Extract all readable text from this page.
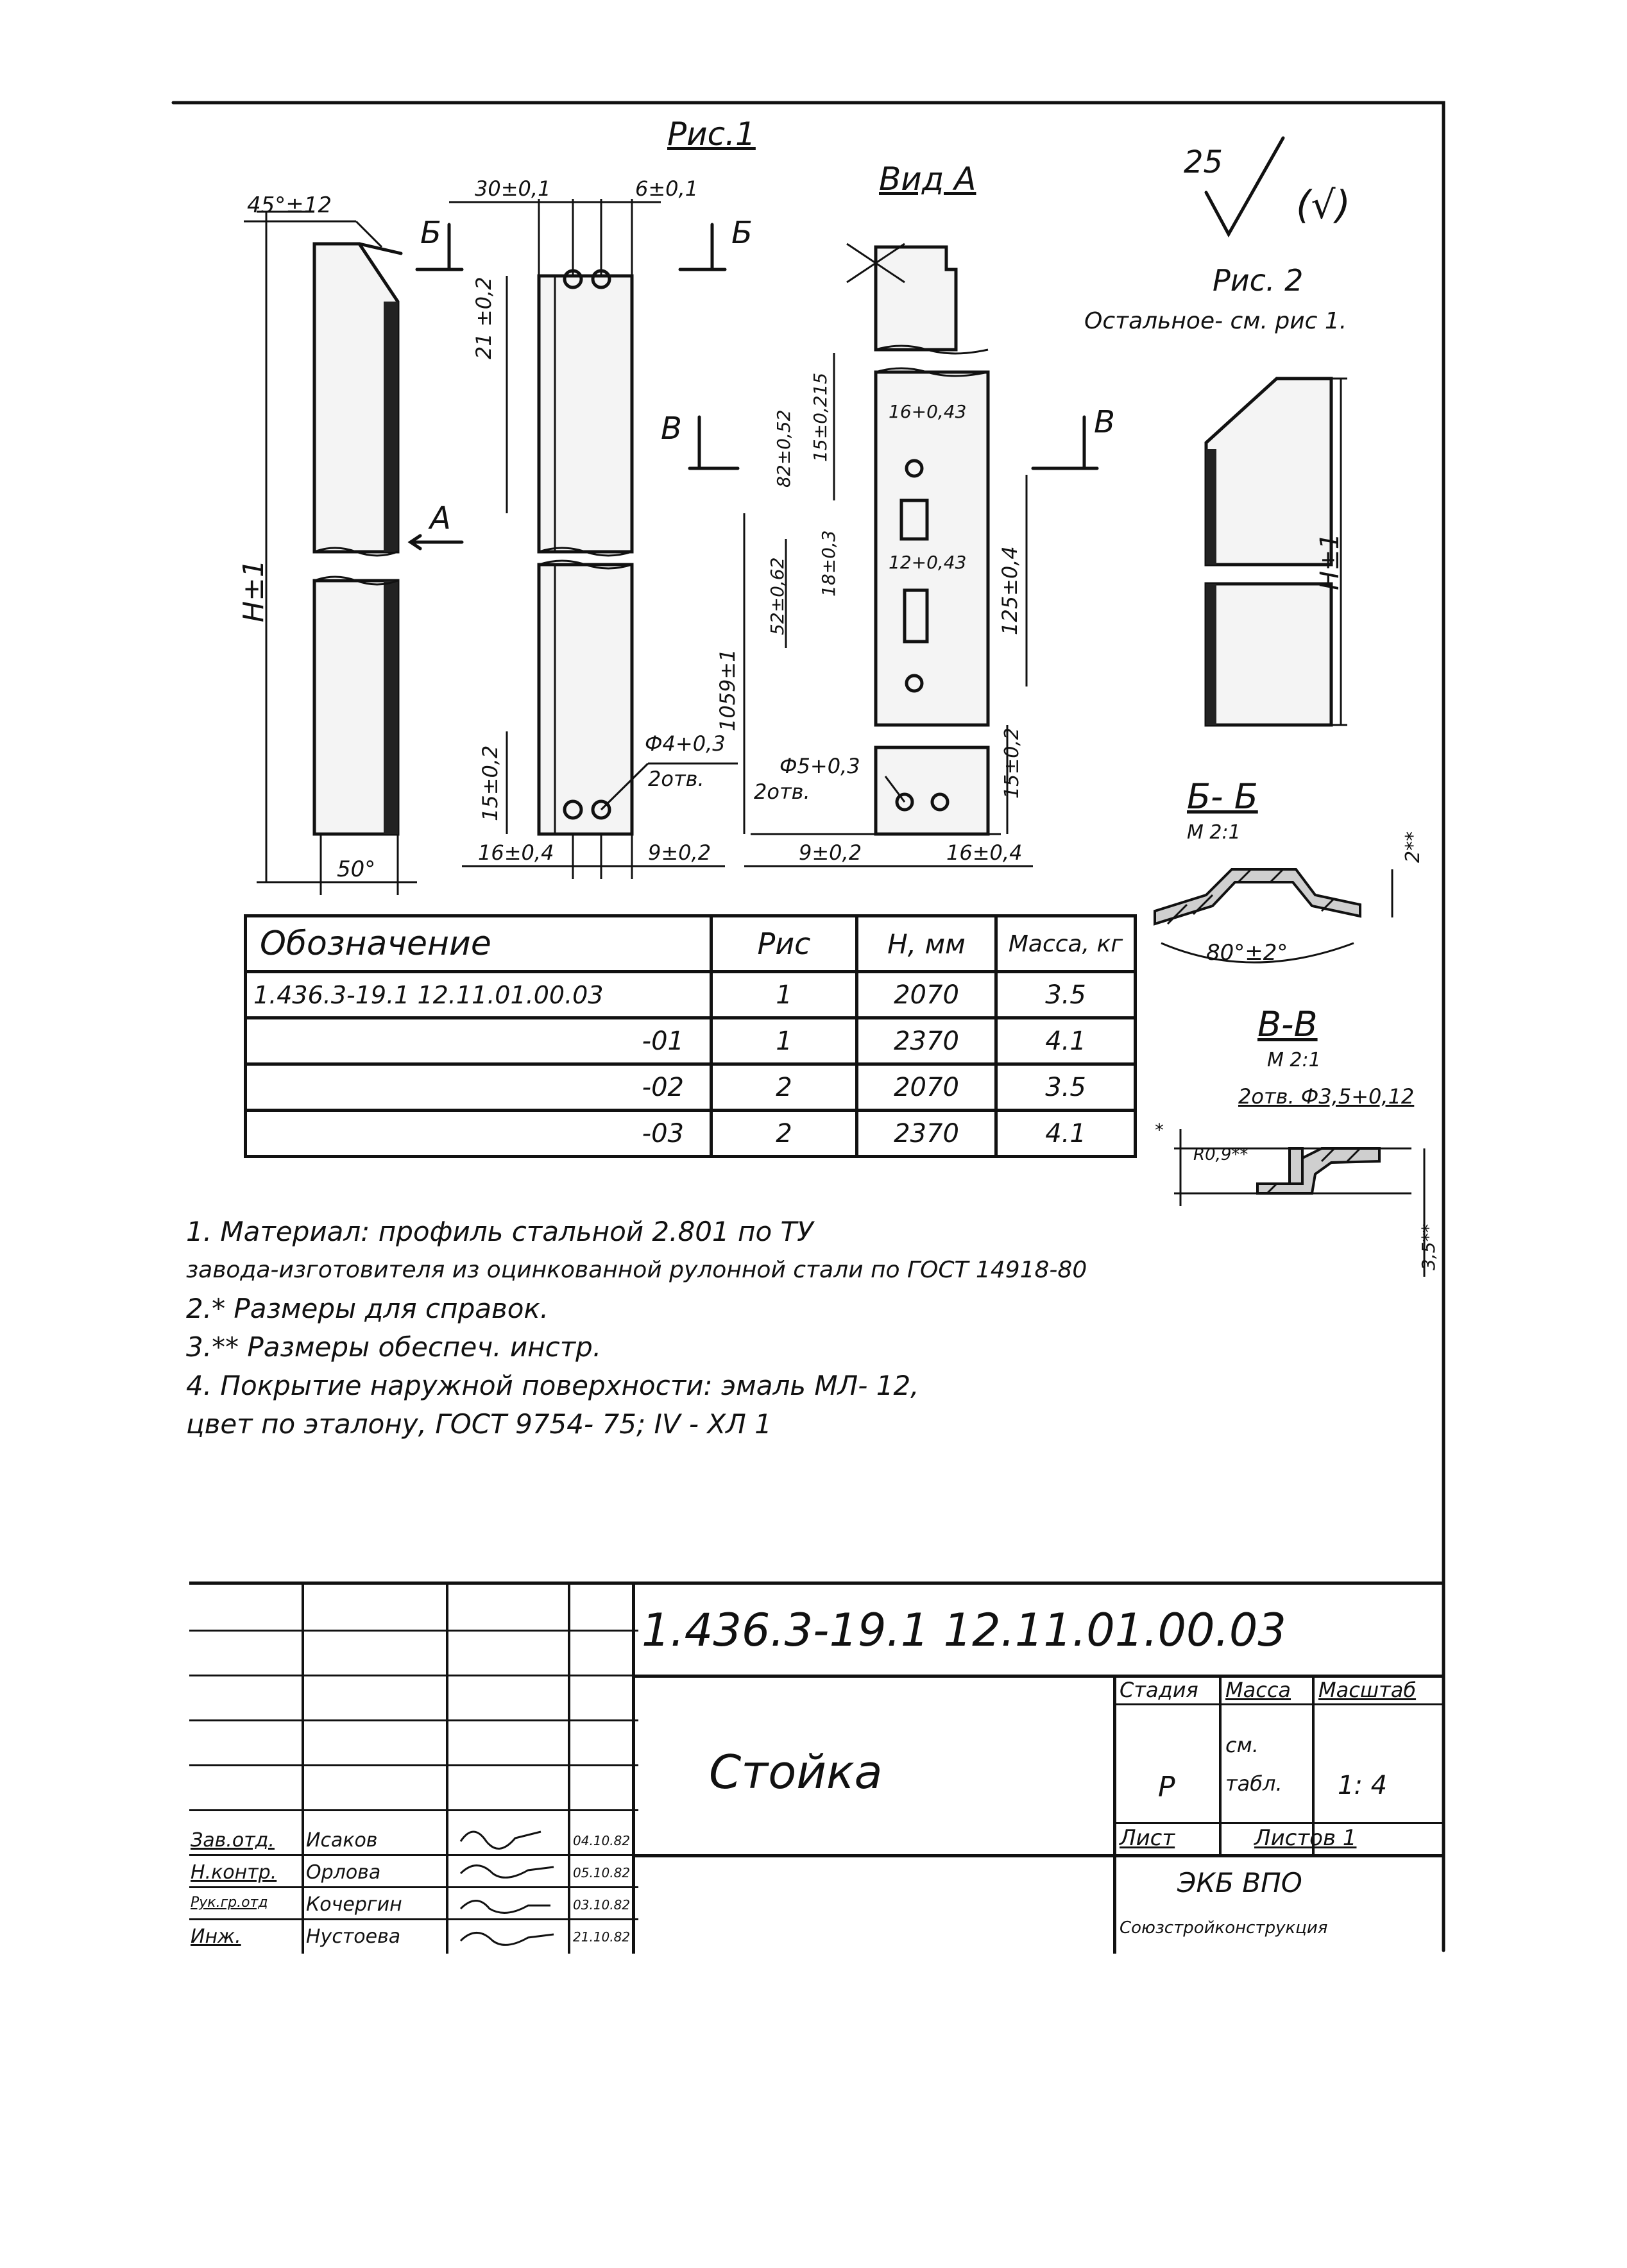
Рис.1
45°±12
Б	Б
А
Вид А
В	В
30±0,1	6±0,1
21 ±0,2
Н±1
15±0,2
16±0,4	9±0,2
50°
Ф4+0,3
2отв.
82±0,52 15±0,215	16+0,43
52±0,62 18±0,3	12+0,43 125±0,4
1059±1
Ф5+0,3
2отв.	15±0,2
9±0,2	16±0,4
25
(√)
Рис. 2
Остальное- см. рис 1.
Н±1
Б- Б
М 2:1
80°±2°
2**
В-В
М 2:1
2отв. Ф3,5+0,12
R0,9**
*
3,5**
Обозначение	Рис	Н, мм	Масса, кг
1.436.3-19.1 12.11.01.00.03	1	2070	3.5
-01	1	2370	4.1
-02	2	2070	3.5
-03	2	2370	4.1
1. Материал: профиль стальной 2.801 по ТУ
завода-изготовителя из оцинкованной рулонной стали по ГОСТ 14918-80
2.* Размеры для справок.
3.** Размеры обеспеч. инстр.
4. Покрытие наружной поверхности: эмаль МЛ- 12,
цвет по эталону, ГОСТ 9754- 75; IV - ХЛ 1
Зав.отд. Исаков	04.10.82
Н.контр. Орлова	05.10.82
Рук.гр.отд Кочергин	03.10.82
Инж.	Нустоева	21.10.82
1.436.3-19.1 12.11.01.00.03
Стойка
Стадия Масса Масштаб
Р
см. табл.	1: 4
Лист	Листов 1
ЭКБ ВПО
Союзстройконструкция
